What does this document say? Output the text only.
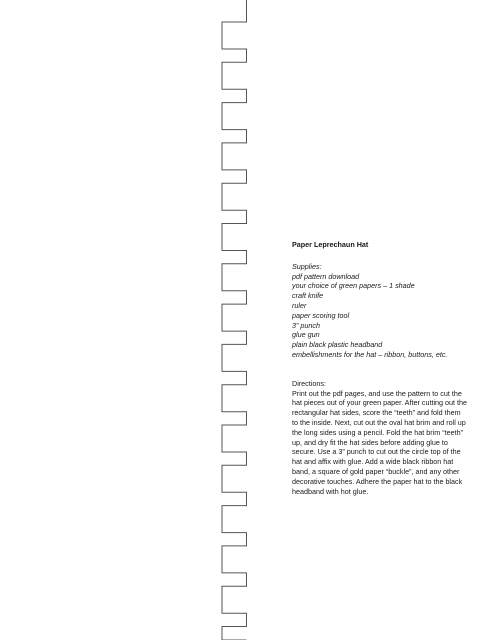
Paper Leprechaun Hat
Supplies:
pdf pattern download
your choice of green papers – 1 shade
craft knife
ruler
paper scoring tool
3” punch
glue gun
plain black plastic headband
embellishments for the hat – ribbon, buttons, etc.
Directions:

Print out the pdf pages, and use the pattern to cut the hat pieces out of your green paper. After cutting out the rectangular hat sides, score the “teeth” and fold them to the inside. Next, cut out the oval hat brim and roll up the long sides using a pencil. Fold the hat brim “teeth” up, and dry fit the hat sides before adding glue to secure. Use a 3” punch to cut out the circle top of the hat and affix with glue. Add a wide black ribbon hat band, a square of gold paper “buckle”, and any other decorative touches. Adhere the paper hat to the black headband with hot glue.
